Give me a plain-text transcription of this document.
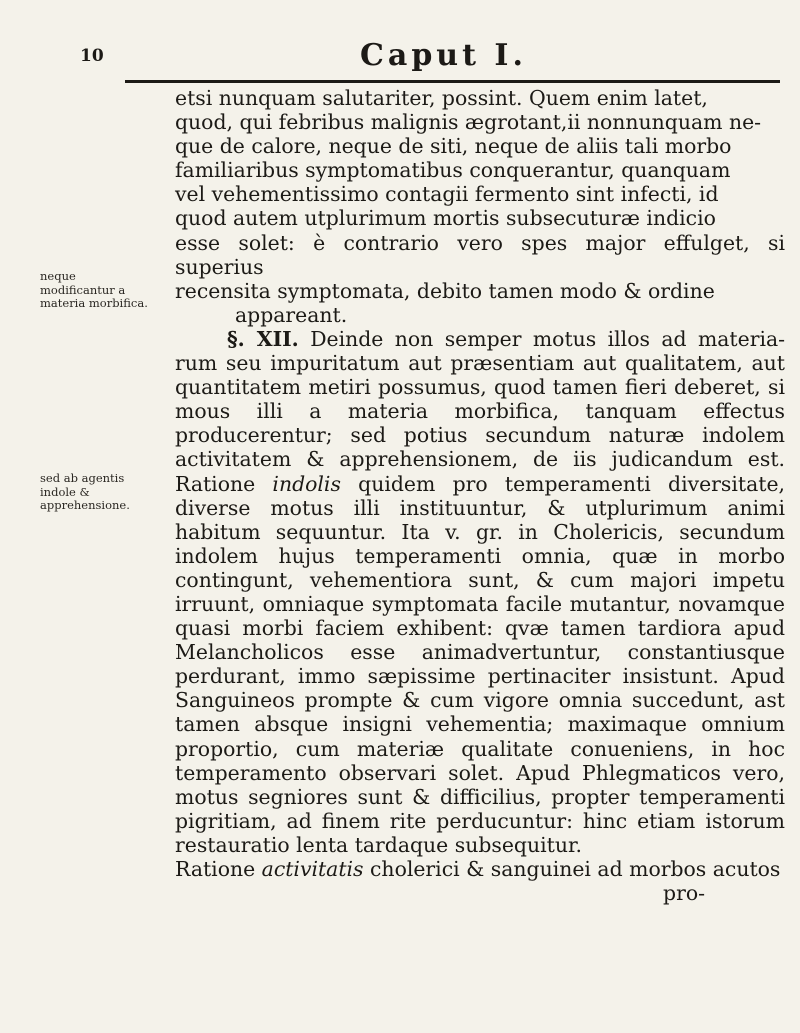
10	Caput I.
neque modificantur a materia morbifica.
sed ab agentis indole & apprehensione.

etsi nunquam salutariter, possint. Quem enim latet,

quod, qui febribus malignis ægrotant,ii nonnunquam ne-

que de calore, neque de siti, neque de aliis tali morbo

familiaribus symptomatibus conquerantur, quanquam

vel vehementissimo contagii fermento sint infecti, id

quod autem utplurimum mortis subsecuturæ indicio

esse solet: è contrario vero spes major effulget, si superius

recensita symptomata, debito tamen modo & ordine

appareant.

§. XII. Deinde non semper motus illos ad materia-rum seu impuritatum aut præsentiam aut qualitatem, aut quantitatem metiri possumus, quod tamen fieri deberet, si mous illi a materia morbifica, tanquam effectus producerentur; sed potius secundum naturæ indolem activitatem & apprehensionem, de iis judicandum est. Ratione indolis quidem pro temperamenti diversitate, diverse motus illi instituuntur, & utplurimum animi habitum sequuntur. Ita v. gr. in Cholericis, secundum indolem hujus temperamenti omnia, quæ in morbo contingunt, vehementiora sunt, & cum majori impetu irruunt, omniaque symptomata facile mutantur, novamque quasi morbi faciem exhibent: qvæ tamen tardiora apud Melancholicos esse animadvertuntur, constantiusque perdurant, immo sæpissime pertinaciter insistunt. Apud Sanguineos prompte & cum vigore omnia succedunt, ast tamen absque insigni vehementia; maximaque omnium proportio, cum materiæ qualitate conueniens, in hoc temperamento observari solet. Apud Phlegmaticos vero, motus segniores sunt & difficilius, propter temperamenti pigritiam, ad finem rite perducuntur: hinc etiam istorum restauratio lenta tardaque subsequitur.

Ratione activitatis cholerici & sanguinei ad morbos acutos

pro-
